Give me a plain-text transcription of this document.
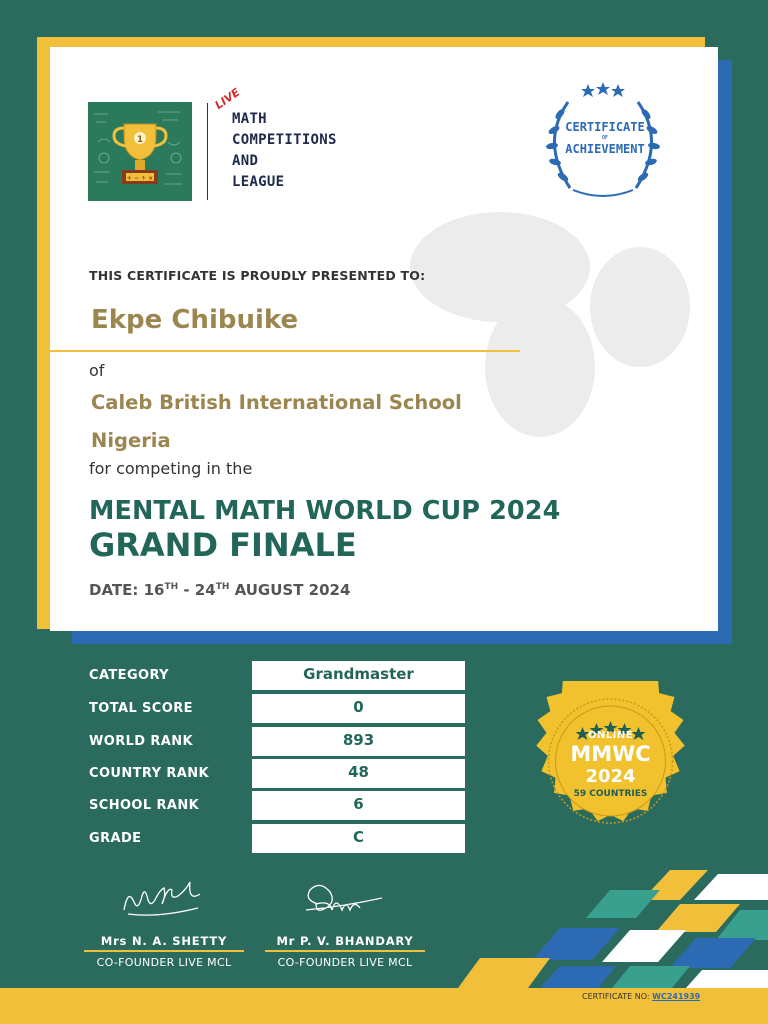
1
+ − ÷ ×
LIVE
MATH
COMPETITIONS
AND
LEAGUE
CERTIFICATE
OF
ACHIEVEMENT
THIS CERTIFICATE IS PROUDLY PRESENTED TO:
Ekpe Chibuike
of
Caleb British International School
Nigeria
for competing in the
MENTAL MATH WORLD CUP 2024
GRAND FINALE
DATE: 16TH - 24TH AUGUST 2024
CATEGORY	Grandmaster
TOTAL SCORE	0
WORLD RANK	893
COUNTRY RANK	48
SCHOOL RANK	6
GRADE	C
ONLINE
MMWC
2024
59 COUNTRIES
Mrs N. A. SHETTY
CO-FOUNDER LIVE MCL
Mr P. V. BHANDARY
CO-FOUNDER LIVE MCL
CERTIFICATE NO: WC241939
